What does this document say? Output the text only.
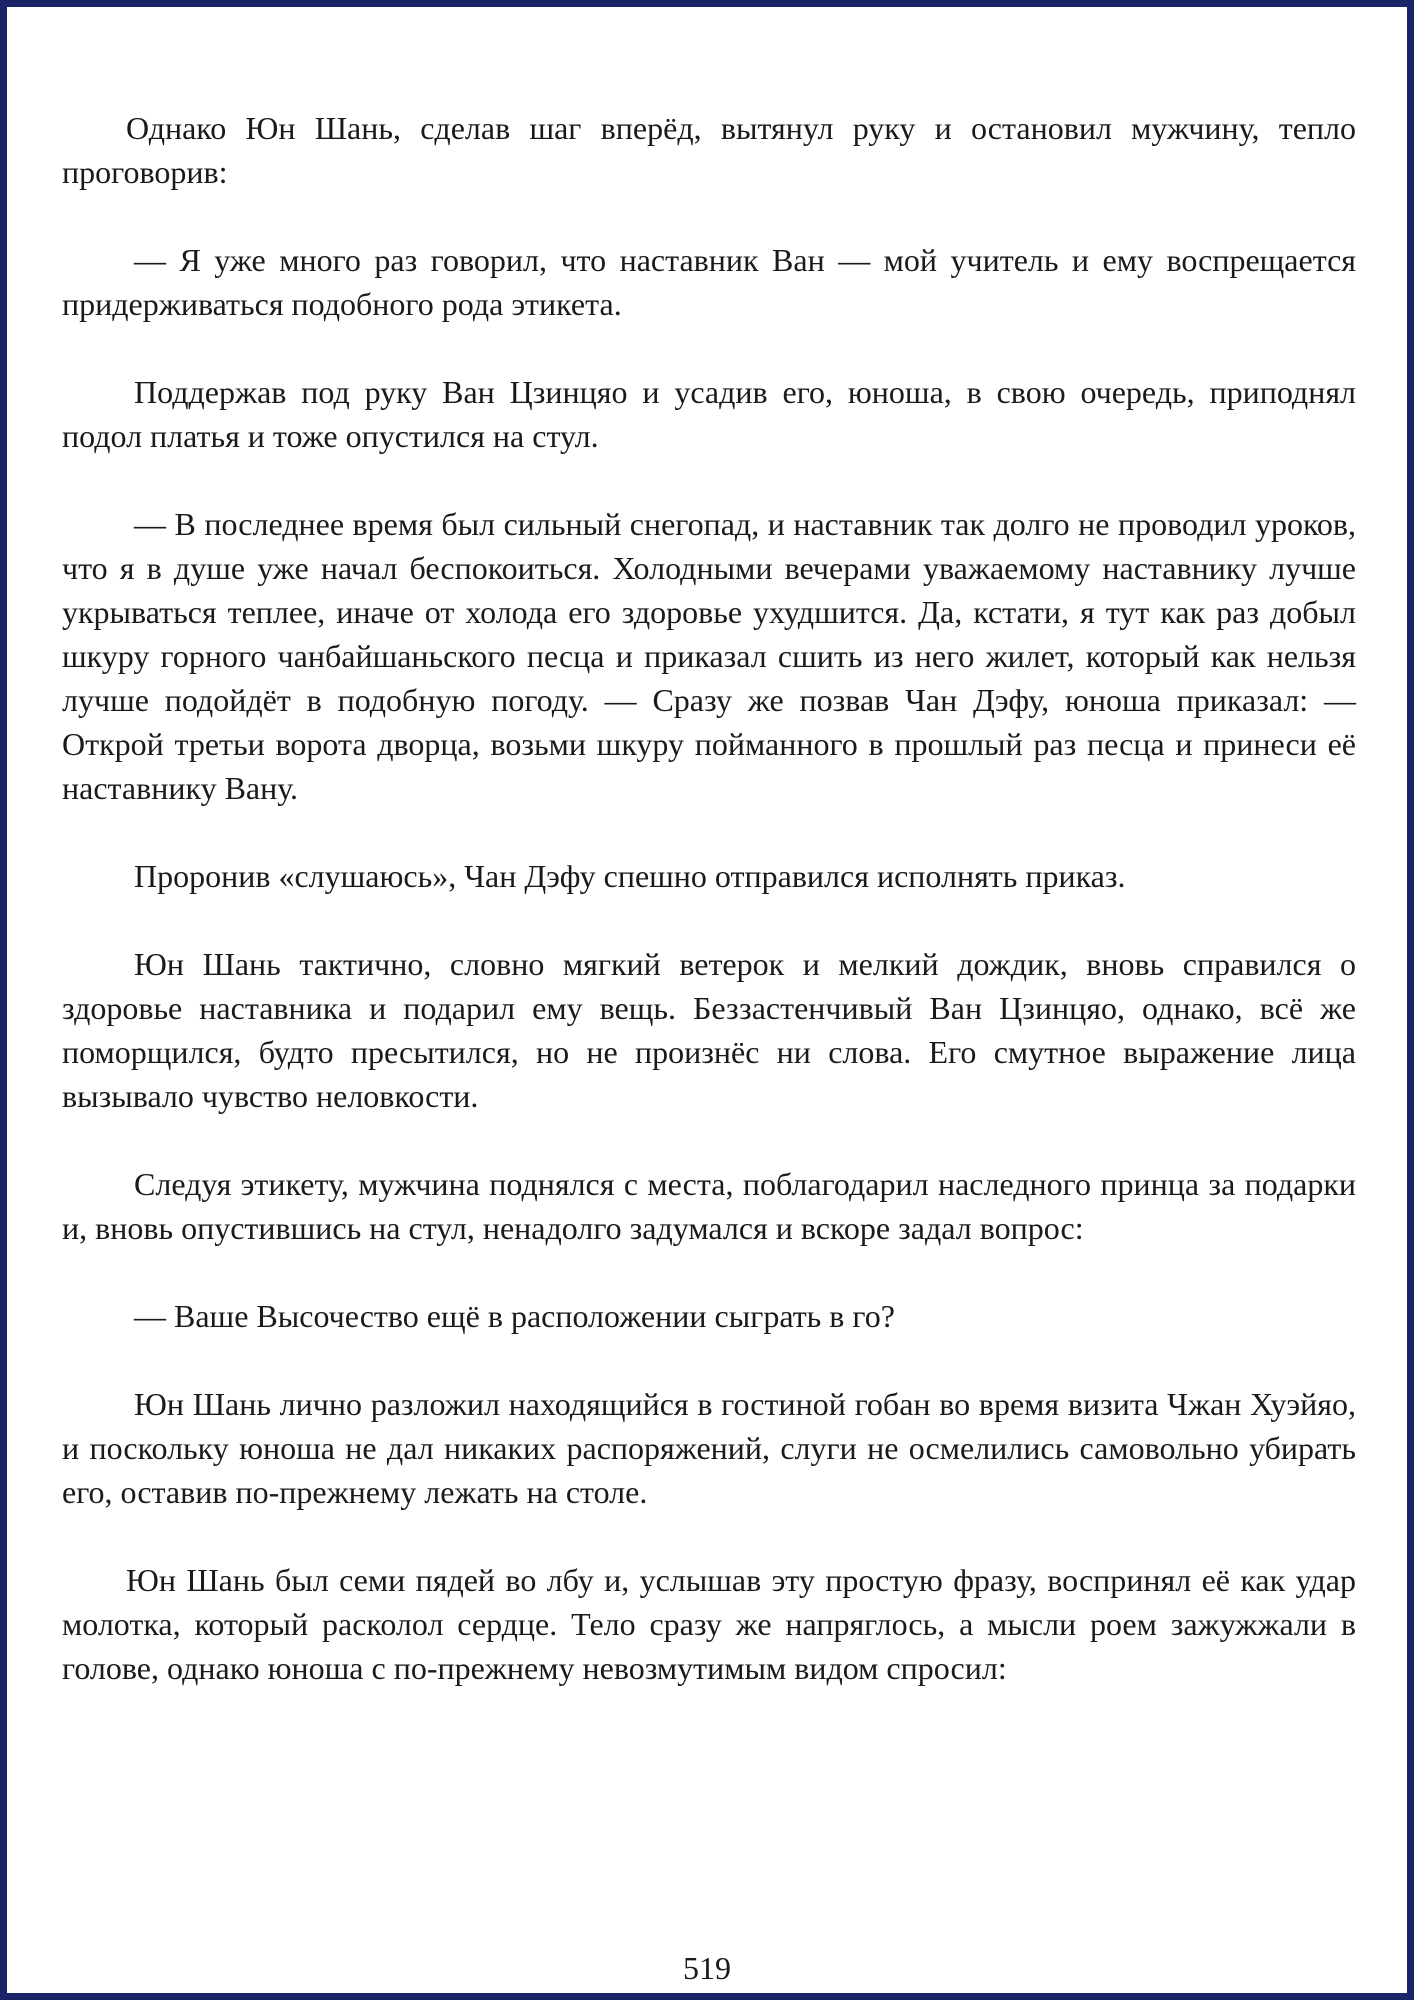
Однако Юн Шань, сделав шаг вперёд, вытянул руку и остановил мужчину, тепло проговорив:

— Я уже много раз говорил, что наставник Ван — мой учитель и ему воспрещается придерживаться подобного рода этикета.

Поддержав под руку Ван Цзинцяо и усадив его, юноша, в свою очередь, приподнял подол платья и тоже опустился на стул.

— В последнее время был сильный снегопад, и наставник так долго не проводил уроков, что я в душе уже начал беспокоиться. Холодными вечерами уважаемому наставнику лучше укрываться теплее, иначе от холода его здоровье ухудшится. Да, кстати, я тут как раз добыл шкуру горного чанбайшаньского песца и приказал сшить из него жилет, который как нельзя лучше подойдёт в подобную погоду. — Сразу же позвав Чан Дэфу, юноша приказал: — Открой третьи ворота дворца, возьми шкуру пойманного в прошлый раз песца и принеси её наставнику Вану.

Проронив «слушаюсь», Чан Дэфу спешно отправился исполнять приказ.

Юн Шань тактично, словно мягкий ветерок и мелкий дождик, вновь справился о здоровье наставника и подарил ему вещь. Беззастенчивый Ван Цзинцяо, однако, всё же поморщился, будто пресытился, но не произнёс ни слова. Его смутное выражение лица вызывало чувство неловкости.

Следуя этикету, мужчина поднялся с места, поблагодарил наследного принца за подарки и, вновь опустившись на стул, ненадолго задумался и вскоре задал вопрос:

— Ваше Высочество ещё в расположении сыграть в го?

Юн Шань лично разложил находящийся в гостиной гобан во время визита Чжан Хуэйяо, и поскольку юноша не дал никаких распоряжений, слуги не осмелились самовольно убирать его, оставив по-прежнему лежать на столе.

Юн Шань был семи пядей во лбу и, услышав эту простую фразу, воспринял её как удар молотка, который расколол сердце. Тело сразу же напряглось, а мысли роем зажужжали в голове, однако юноша с по-прежнему невозмутимым видом спросил:

519
